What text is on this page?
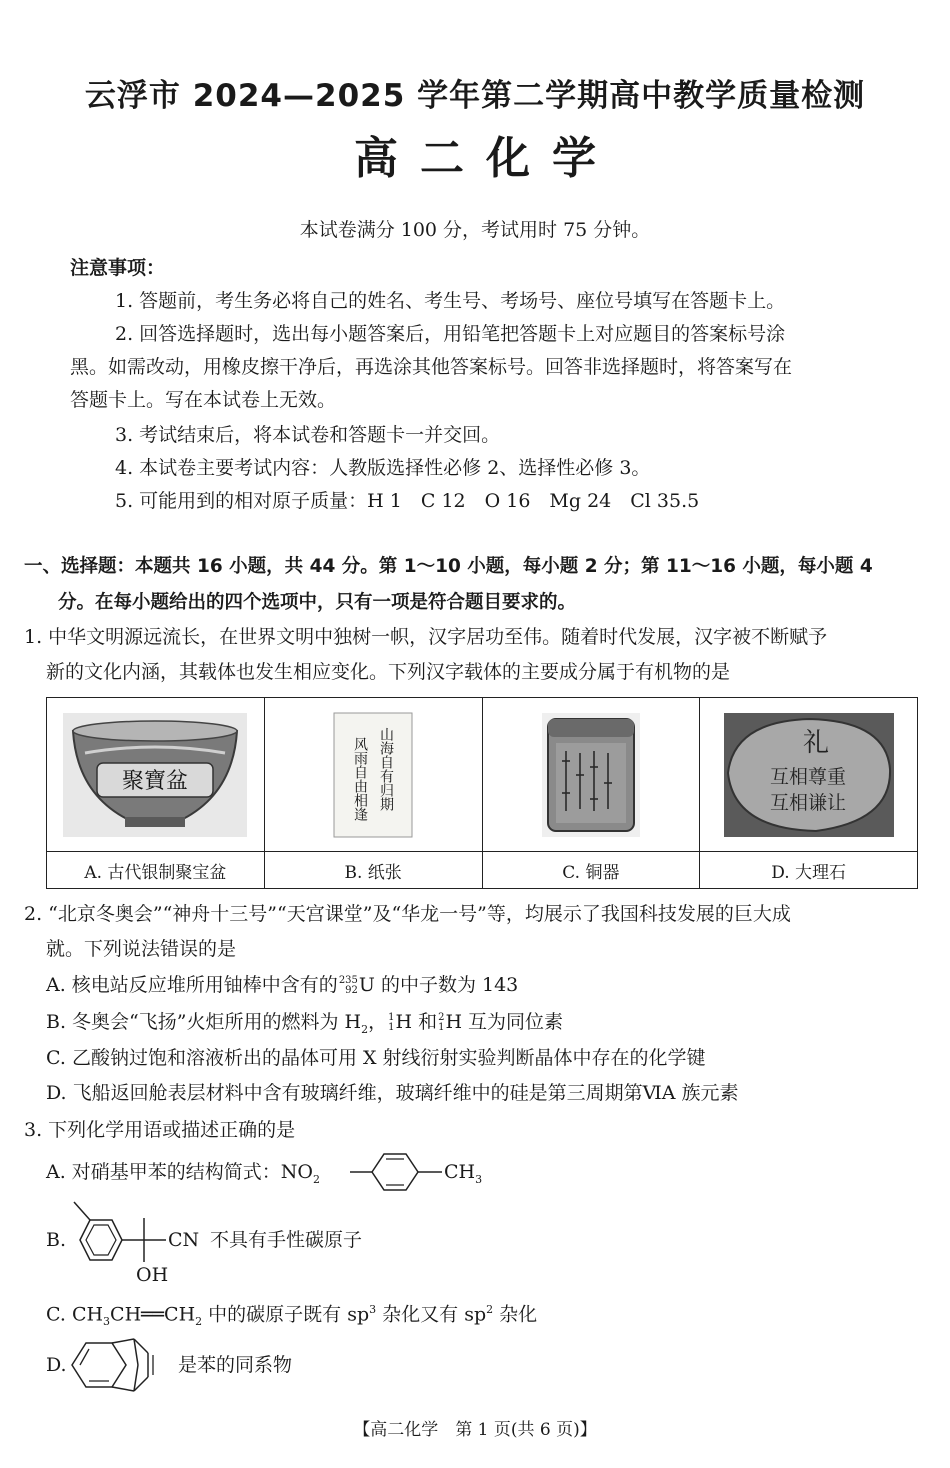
云浮市 2024—2025 学年第二学期高中教学质量检测
高二化学
本试卷满分 100 分，考试用时 75 分钟。
注意事项：
1. 答题前，考生务必将自己的姓名、考生号、考场号、座位号填写在答题卡上。
2. 回答选择题时，选出每小题答案后，用铅笔把答题卡上对应题目的答案标号涂
黑。如需改动，用橡皮擦干净后，再选涂其他答案标号。回答非选择题时，将答案写在
答题卡上。写在本试卷上无效。
3. 考试结束后，将本试卷和答题卡一并交回。
4. 本试卷主要考试内容：人教版选择性必修 2、选择性必修 3。
5. 可能用到的相对原子质量：H 1　C 12　O 16　Mg 24　Cl 35.5
一、选择题：本题共 16 小题，共 44 分。第 1～10 小题，每小题 2 分；第 11～16 小题，每小题 4
分。在每小题给出的四个选项中，只有一项是符合题目要求的。
1. 中华文明源远流长，在世界文明中独树一帜，汉字居功至伟。随着时代发展，汉字被不断赋予
新的文化内涵，其载体也发生相应变化。下列汉字载体的主要成分属于有机物的是
聚寶盆	山海自有归期
风雨自由相逢		礼
互相尊重
互相谦让

A. 古代银制聚宝盆	B. 纸张	C. 铜器	D. 大理石
2. “北京冬奥会”“神舟十三号”“天宫课堂”及“华龙一号”等，均展示了我国科技发展的巨大成
就。下列说法错误的是
A. 核电站反应堆所用铀棒中含有的 235
92 U 的中子数为 143
B. 冬奥会“飞扬”火炬所用的燃料为 $H_2$， 1
1 H 和 2
1 H 互为同位素
C. 乙酸钠过饱和溶液析出的晶体可用 X 射线衍射实验判断晶体中存在的化学键
D. 飞船返回舱表层材料中含有玻璃纤维，玻璃纤维中的硅是第三周期第ⅥA 族元素
3. 下列化学用语或描述正确的是
A. 对硝基甲苯的结构简式：$NO_2$	$CH_3$
B.	CN 不具有手性碳原子
OH
C. $CH_3CH══CH_2$ 中的碳原子既有 $sp^3$ 杂化又有 $sp^2$ 杂化
D.	是苯的同系物
【高二化学　第 1 页(共 6 页)】
